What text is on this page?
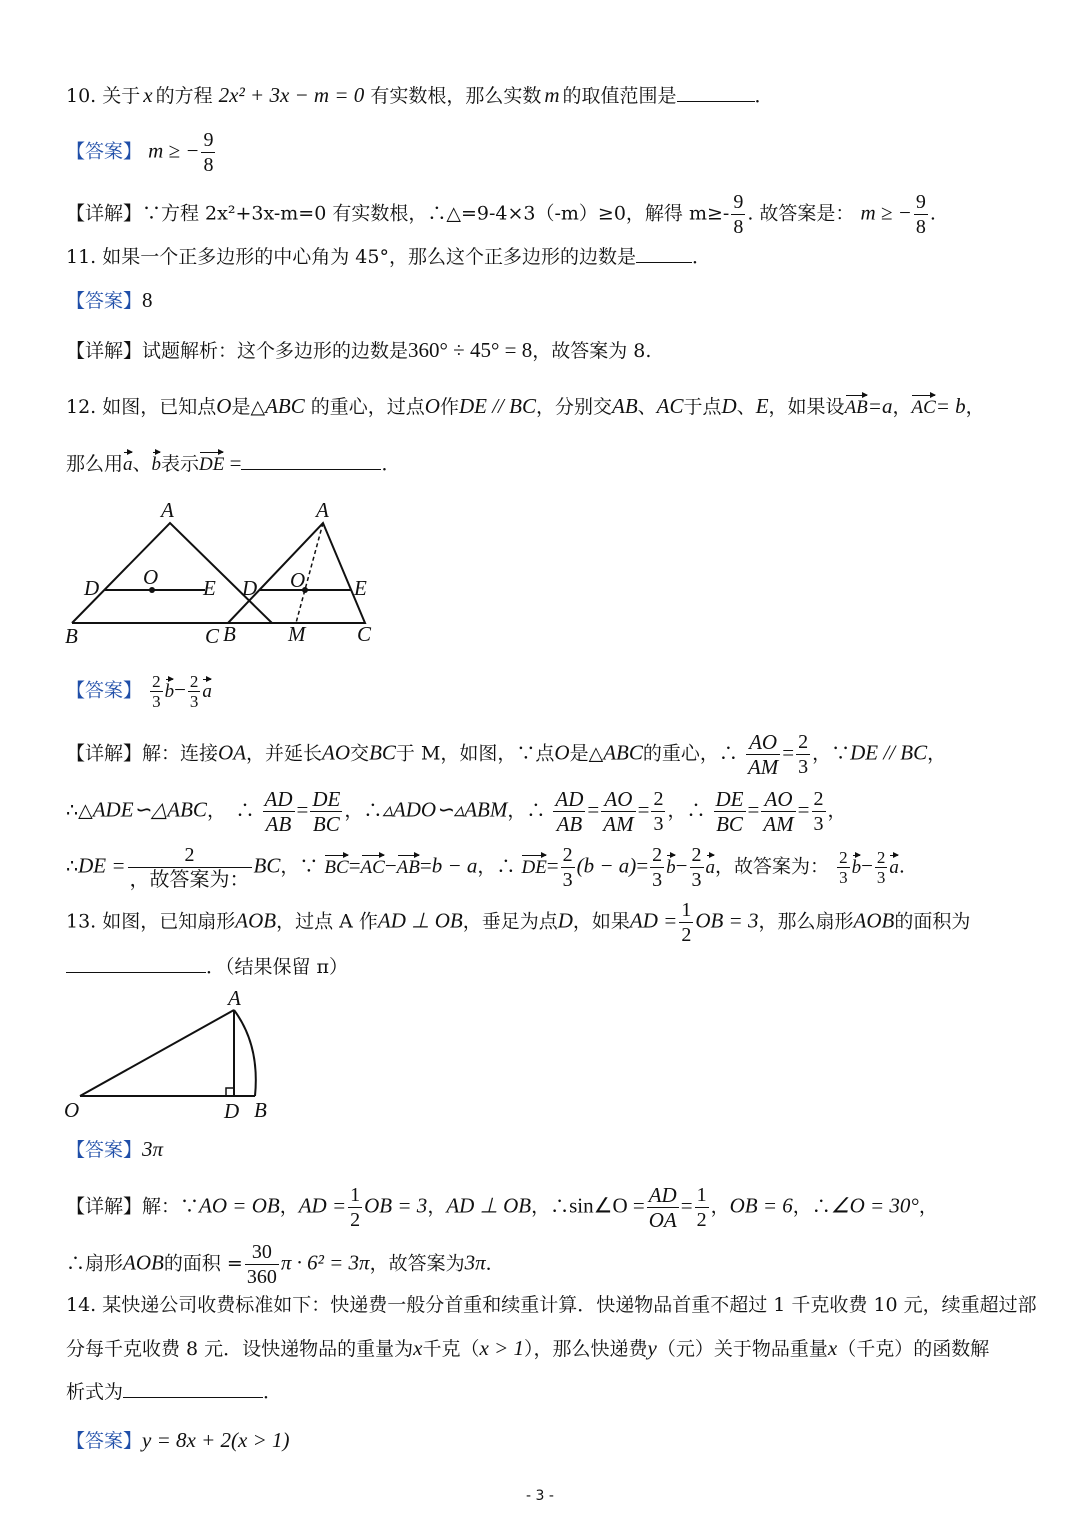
10. 关于 x 的方程 2x² + 3x − m = 0 有实数根，那么实数 m 的取值范围是	．
【答案】 m ≥ − $\frac{9}{8}$
【详解】∵方程 2x²+3x-m=0 有实数根，∴△=9-4×3（-m）≥0，解得 $m\ge- \frac{9}{8}$ . 故答案是： m ≥ − $\frac{9}{8}$ .
11. 如果一个正多边形的中心角为 45°，那么这个正多边形的边数是	．
【答案】8
【详解】试题解析：这个多边形的边数是360° ÷ 45° = 8，故答案为 8.
12. 如图，已知点O是△ABC 的重心，过点O作DE // BC，分别交AB、AC于点D、E，如果设AB=a，AC= b，
那么用a、b表示DE =	．
A
D O E
B	C
A
D O E
B M C
【答案】 $\frac{2}{3} b- \frac{2}{3}$ a
【详解】解：连接OA，并延长AO交BC于 M，如图，∵点O是△ABC的重心，∴ $\frac{AO}{AM} = \frac{2}{3}$ ，∵DE // BC，
∴△ADE∽△ABC，　∴ $\frac{AD}{AB} = \frac{DE}{BC}$ ，∴▵ADO∽▵ABM，∴ $\frac{AD}{AB} = \frac{AO}{AM} = \frac{2}{3}$ ，∴ $\frac{DE}{BC} = \frac{AO}{AM} = \frac{2}{3}$ ，
∴DE = $\frac{2}{\text{，故答案为：}}$ BC，∵ BC=AC−AB=b − a，∴ $DE= \frac{2}{3} (b - a)= \frac{2}{3} b- \frac{2}{3}$ a，故答案为： $\frac{2}{3} b- \frac{2}{3} a$.
13. 如图，已知扇形AOB，过点 A 作AD ⊥ OB，垂足为点D，如果AD = $\frac{1}{2}$ OB = 3，那么扇形AOB的面积为
．（结果保留 π）
A
O	D B
【答案】3π
【详解】解：∵AO = OB，AD = $\frac{1}{2}$ OB = 3，AD ⊥ OB，∴sin∠O = $\frac{AD}{OA} = \frac{1}{2}$ ，OB = 6，∴∠O = 30°，
∴扇形AOB的面积 = $\frac{30}{360}$ π · 6² = 3π，故答案为3π．
14. 某快递公司收费标准如下：快递费一般分首重和续重计算．快递物品首重不超过 1 千克收费 10 元，续重超过部
分每千克收费 8 元．设快递物品的重量为x千克（x > 1），那么快递费y（元）关于物品重量x（千克）的函数解
析式为	．
【答案】y = 8x + 2(x > 1)
- 3 -
